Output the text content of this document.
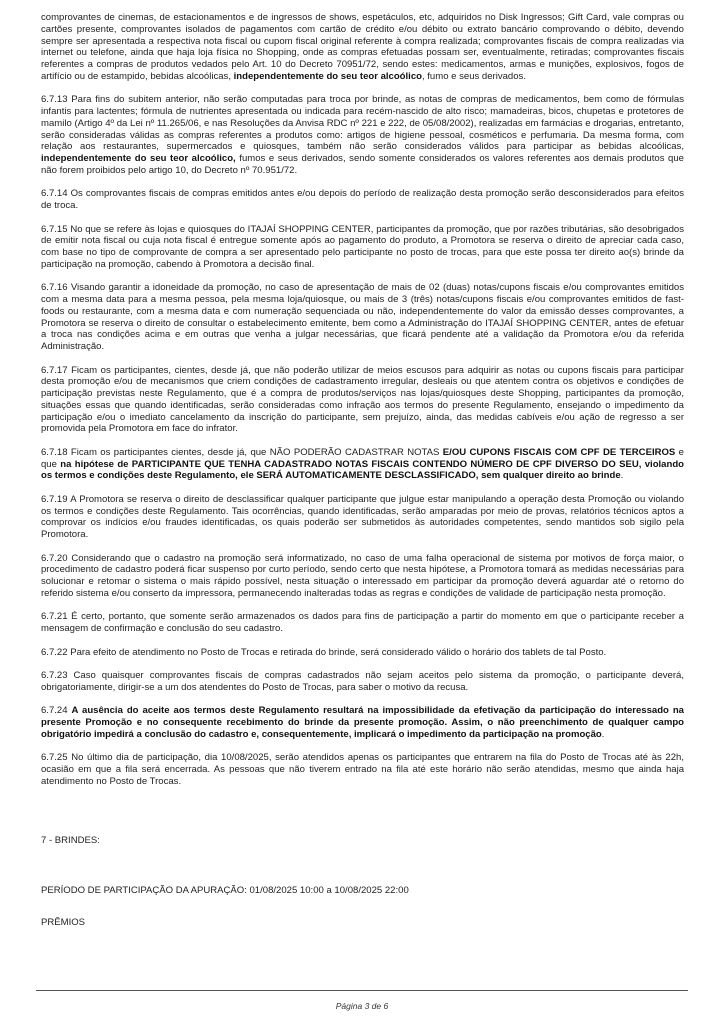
comprovantes de cinemas, de estacionamentos e de ingressos de shows, espetáculos, etc, adquiridos no Disk Ingressos; Gift Card, vale compras ou cartões presente, comprovantes isolados de pagamentos com cartão de crédito e/ou débito ou extrato bancário comprovando o débito, devendo sempre ser apresentada a respectiva nota fiscal ou cupom fiscal original referente à compra realizada; comprovantes fiscais de compra realizadas via internet ou telefone, ainda que haja loja física no Shopping, onde as compras efetuadas possam ser, eventualmente, retiradas; comprovantes fiscais referentes a compras de produtos vedados pelo Art. 10 do Decreto 70951/72, sendo estes: medicamentos, armas e munições, explosivos, fogos de artifício ou de estampido, bebidas alcoólicas, independentemente do seu teor alcoólico, fumo e seus derivados.

6.7.13 Para fins do subitem anterior, não serão computadas para troca por brinde, as notas de compras de medicamentos, bem como de fórmulas infantis para lactentes; fórmula de nutrientes apresentada ou indicada para recém-nascido de alto risco; mamadeiras, bicos, chupetas e protetores de mamilo (Artigo 4º da Lei nº 11.265/06, e nas Resoluções da Anvisa RDC nº 221 e 222, de 05/08/2002), realizadas em farmácias e drogarias, entretanto, serão consideradas válidas as compras referentes a produtos como: artigos de higiene pessoal, cosméticos e perfumaria. Da mesma forma, com relação aos restaurantes, supermercados e quiosques, também não serão considerados válidos para participar as bebidas alcoólicas, independentemente do seu teor alcoólico, fumos e seus derivados, sendo somente considerados os valores referentes aos demais produtos que não forem proibidos pelo artigo 10, do Decreto nº 70.951/72.

6.7.14 Os comprovantes fiscais de compras emitidos antes e/ou depois do período de realização desta promoção serão desconsiderados para efeitos de troca.

6.7.15 No que se refere às lojas e quiosques do ITAJAÍ SHOPPING CENTER, participantes da promoção, que por razões tributárias, são desobrigados de emitir nota fiscal ou cuja nota fiscal é entregue somente após ao pagamento do produto, a Promotora se reserva o direito de apreciar cada caso, com base no tipo de comprovante de compra a ser apresentado pelo participante no posto de trocas, para que este possa ter direito ao(s) brinde da participação na promoção, cabendo à Promotora a decisão final.

6.7.16 Visando garantir a idoneidade da promoção, no caso de apresentação de mais de 02 (duas) notas/cupons fiscais e/ou comprovantes emitidos com a mesma data para a mesma pessoa, pela mesma loja/quiosque, ou mais de 3 (três) notas/cupons fiscais e/ou comprovantes emitidos de fast-foods ou restaurante, com a mesma data e com numeração sequenciada ou não, independentemente do valor da emissão desses comprovantes, a Promotora se reserva o direito de consultar o estabelecimento emitente, bem como a Administração do ITAJAÍ SHOPPING CENTER, antes de efetuar a troca nas condições acima e em outras que venha a julgar necessárias, que ficará pendente até a validação da Promotora e/ou da referida Administração.

6.7.17 Ficam os participantes, cientes, desde já, que não poderão utilizar de meios escusos para adquirir as notas ou cupons fiscais para participar desta promoção e/ou de mecanismos que criem condições de cadastramento irregular, desleais ou que atentem contra os objetivos e condições de participação previstas neste Regulamento, que é a compra de produtos/serviços nas lojas/quiosques deste Shopping, participantes da promoção, situações essas que quando identificadas, serão consideradas como infração aos termos do presente Regulamento, ensejando o impedimento da participação e/ou o imediato cancelamento da inscrição do participante, sem prejuízo, ainda, das medidas cabíveis e/ou ação de regresso a ser promovida pela Promotora em face do infrator.

6.7.18 Ficam os participantes cientes, desde já, que NÃO PODERÃO CADASTRAR NOTAS E/OU CUPONS FISCAIS COM CPF DE TERCEIROS e que na hipótese de PARTICIPANTE QUE TENHA CADASTRADO NOTAS FISCAIS CONTENDO NÚMERO DE CPF DIVERSO DO SEU, violando os termos e condições deste Regulamento, ele SERÁ AUTOMATICAMENTE DESCLASSIFICADO, sem qualquer direito ao brinde.

6.7.19 A Promotora se reserva o direito de desclassificar qualquer participante que julgue estar manipulando a operação desta Promoção ou violando os termos e condições deste Regulamento. Tais ocorrências, quando identificadas, serão amparadas por meio de provas, relatórios técnicos aptos a comprovar os indícios e/ou fraudes identificadas, os quais poderão ser submetidos às autoridades competentes, sendo mantidos sob sigilo pela Promotora.

6.7.20 Considerando que o cadastro na promoção será informatizado, no caso de uma falha operacional de sistema por motivos de força maior, o procedimento de cadastro poderá ficar suspenso por curto período, sendo certo que nesta hipótese, a Promotora tomará as medidas necessárias para solucionar e retomar o sistema o mais rápido possível, nesta situação o interessado em participar da promoção deverá aguardar até o retorno do referido sistema e/ou conserto da impressora, permanecendo inalteradas todas as regras e condições de validade de participação nesta promoção.

6.7.21 É certo, portanto, que somente serão armazenados os dados para fins de participação a partir do momento em que o participante receber a mensagem de confirmação e conclusão do seu cadastro.

6.7.22 Para efeito de atendimento no Posto de Trocas e retirada do brinde, será considerado válido o horário dos tablets de tal Posto.

6.7.23 Caso quaisquer comprovantes fiscais de compras cadastrados não sejam aceitos pelo sistema da promoção, o participante deverá, obrigatoriamente, dirigir-se a um dos atendentes do Posto de Trocas, para saber o motivo da recusa.

6.7.24 A ausência do aceite aos termos deste Regulamento resultará na impossibilidade da efetivação da participação do interessado na presente Promoção e no consequente recebimento do brinde da presente promoção. Assim, o não preenchimento de qualquer campo obrigatório impedirá a conclusão do cadastro e, consequentemente, implicará o impedimento da participação na promoção.

6.7.25 No último dia de participação, dia 10/08/2025, serão atendidos apenas os participantes que entrarem na fila do Posto de Trocas até às 22h, ocasião em que a fila será encerrada. As pessoas que não tiverem entrado na fila até este horário não serão atendidas, mesmo que ainda haja atendimento no Posto de Trocas.

7 - BRINDES:

PERÍODO DE PARTICIPAÇÃO DA APURAÇÃO: 01/08/2025 10:00 a 10/08/2025 22:00

PRÊMIOS

Página 3 de 6
